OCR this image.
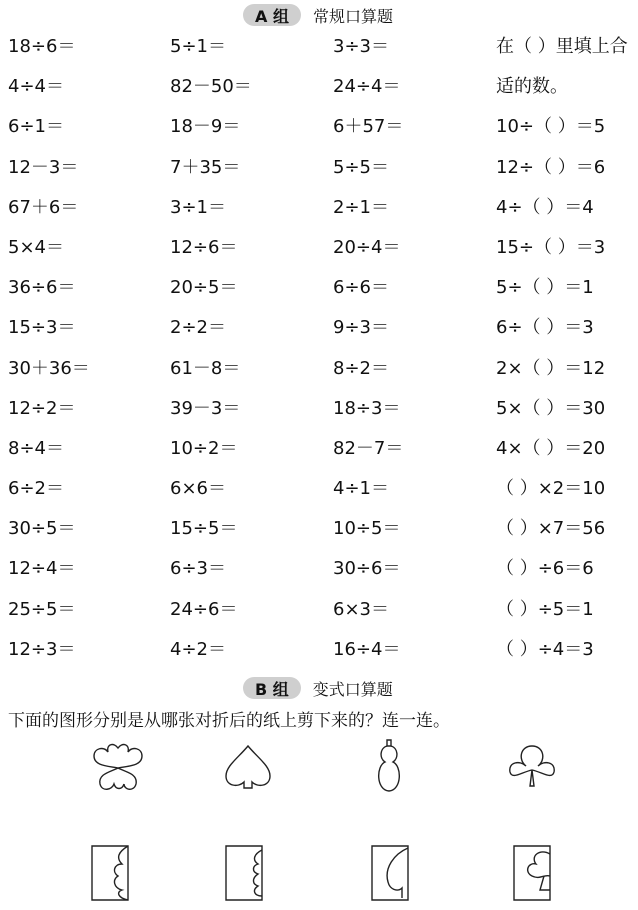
A 组	常规口算题
18÷6＝	5÷1＝	3÷3＝	在（ ）里填上合
4÷4＝	82－50＝	24÷4＝	适的数。
6÷1＝	18－9＝	6＋57＝	10÷（ ）＝5
12－3＝	7＋35＝	5÷5＝	12÷（ ）＝6
67＋6＝	3÷1＝	2÷1＝	4÷（ ）＝4
5×4＝	12÷6＝	20÷4＝	15÷（ ）＝3
36÷6＝	20÷5＝	6÷6＝	5÷（ ）＝1
15÷3＝	2÷2＝	9÷3＝	6÷（ ）＝3
30＋36＝	61－8＝	8÷2＝	2×（ ）＝12
12÷2＝	39－3＝	18÷3＝	5×（ ）＝30
8÷4＝	10÷2＝	82－7＝	4×（ ）＝20
6÷2＝	6×6＝	4÷1＝	（ ）×2＝10
30÷5＝	15÷5＝	10÷5＝	（ ）×7＝56
12÷4＝	6÷3＝	30÷6＝	（ ）÷6＝6
25÷5＝	24÷6＝	6×3＝	（ ）÷5＝1
12÷3＝	4÷2＝	16÷4＝	（ ）÷4＝3
B 组	变式口算题
下面的图形分别是从哪张对折后的纸上剪下来的？连一连。
